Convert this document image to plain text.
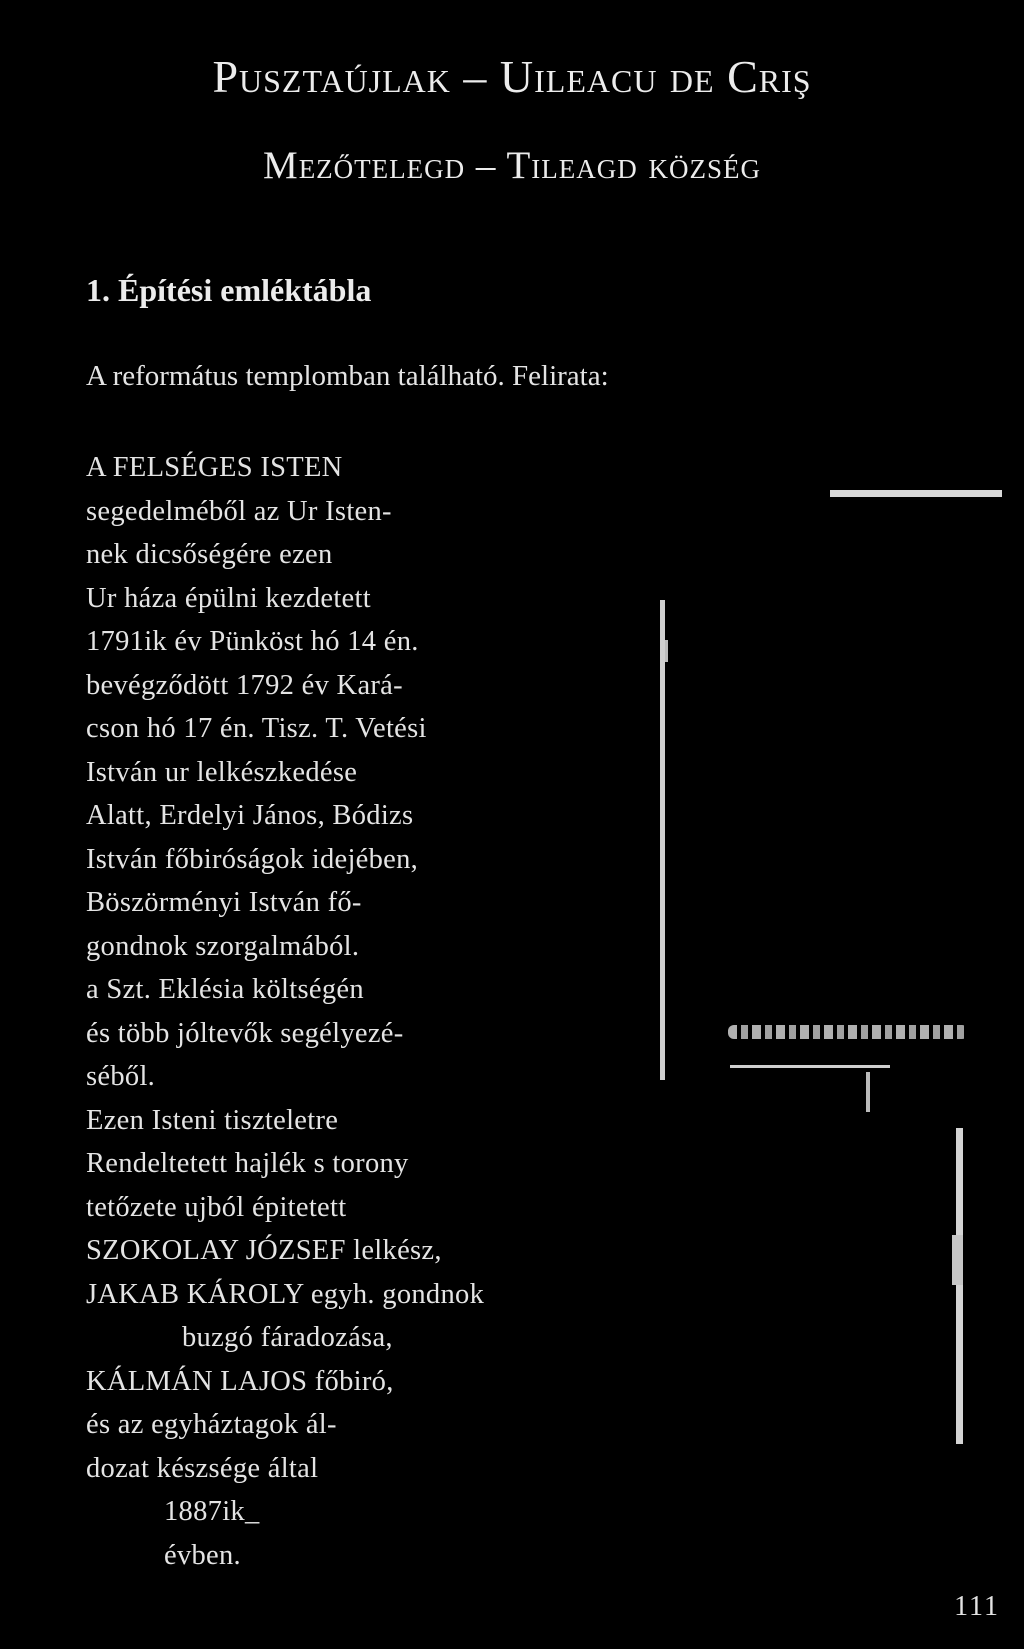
Pusztaújlak – Uileacu de Criş
Mezőtelegd – Tileagd község
1. Építési emléktábla

A református templomban található. Felirata:

A FELSÉGES ISTEN
segedelméből az Ur Isten-
nek dicsőségére ezen
Ur háza épülni kezdetett
1791ik év Pünköst hó 14 én.
bevégződött 1792 év Kará-
cson hó 17 én. Tisz. T. Vetési
István ur lelkészkedése
Alatt, Erdelyi János, Bódizs
István főbiróságok idejében,
Böszörményi István fő-
gondnok szorgalmából.
a Szt. Eklésia költségén
és több jóltevők segélyezé-
séből.
Ezen Isteni tiszteletre
Rendeltetett hajlék s torony
tetőzete ujból épitetett
SZOKOLAY JÓZSEF lelkész,
JAKAB KÁROLY egyh. gondnok
buzgó fáradozása,
KÁLMÁN LAJOS főbiró,
és az egyháztagok ál-
dozat készsége által
1887ik_
évben.
111
